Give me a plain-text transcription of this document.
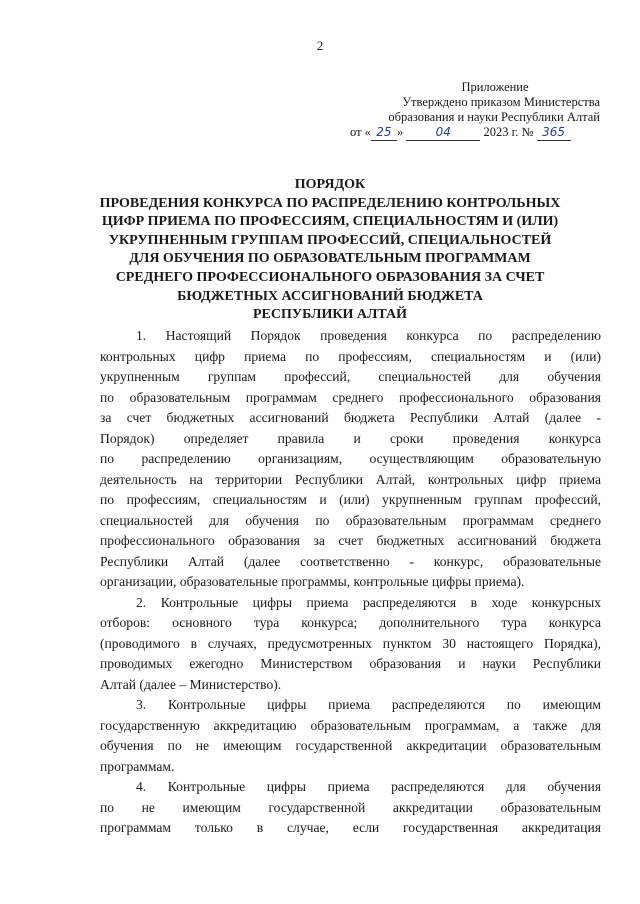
2
Приложение
Утверждено приказом Министерства
образования и науки Республики Алтай
от « 25 »	04	2023 г. № 365
ПОРЯДОК
ПРОВЕДЕНИЯ КОНКУРСА ПО РАСПРЕДЕЛЕНИЮ КОНТРОЛЬНЫХ
ЦИФР ПРИЕМА ПО ПРОФЕССИЯМ, СПЕЦИАЛЬНОСТЯМ И (ИЛИ)
УКРУПНЕННЫМ ГРУППАМ ПРОФЕССИЙ, СПЕЦИАЛЬНОСТЕЙ
ДЛЯ ОБУЧЕНИЯ ПО ОБРАЗОВАТЕЛЬНЫМ ПРОГРАММАМ
СРЕДНЕГО ПРОФЕССИОНАЛЬНОГО ОБРАЗОВАНИЯ ЗА СЧЕТ
БЮДЖЕТНЫХ АССИГНОВАНИЙ БЮДЖЕТА
РЕСПУБЛИКИ АЛТАЙ

1. Настоящий Порядок проведения конкурса по распределению
контрольных цифр приема по профессиям, специальностям и (или)
укрупненным группам профессий, специальностей для обучения
по образовательным программам среднего профессионального образования
за счет бюджетных ассигнований бюджета Республики Алтай (далее -
Порядок) определяет правила и сроки проведения конкурса
по распределению организациям, осуществляющим образовательную
деятельность на территории Республики Алтай, контрольных цифр приема
по профессиям, специальностям и (или) укрупненным группам профессий,
специальностей для обучения по образовательным программам среднего
профессионального образования за счет бюджетных ассигнований бюджета
Республики Алтай (далее соответственно - конкурс, образовательные
организации, образовательные программы, контрольные цифры приема).

2. Контрольные цифры приема распределяются в ходе конкурсных
отборов: основного тура конкурса; дополнительного тура конкурса
(проводимого в случаях, предусмотренных пунктом 30 настоящего Порядка),
проводимых ежегодно Министерством образования и науки Республики
Алтай (далее – Министерство).

3. Контрольные цифры приема распределяются по имеющим
государственную аккредитацию образовательным программам, а также для
обучения по не имеющим государственной аккредитации образовательным
программам.

4. Контрольные цифры приема распределяются для обучения
по не имеющим государственной аккредитации образовательным
программам только в случае, если государственная аккредитация
